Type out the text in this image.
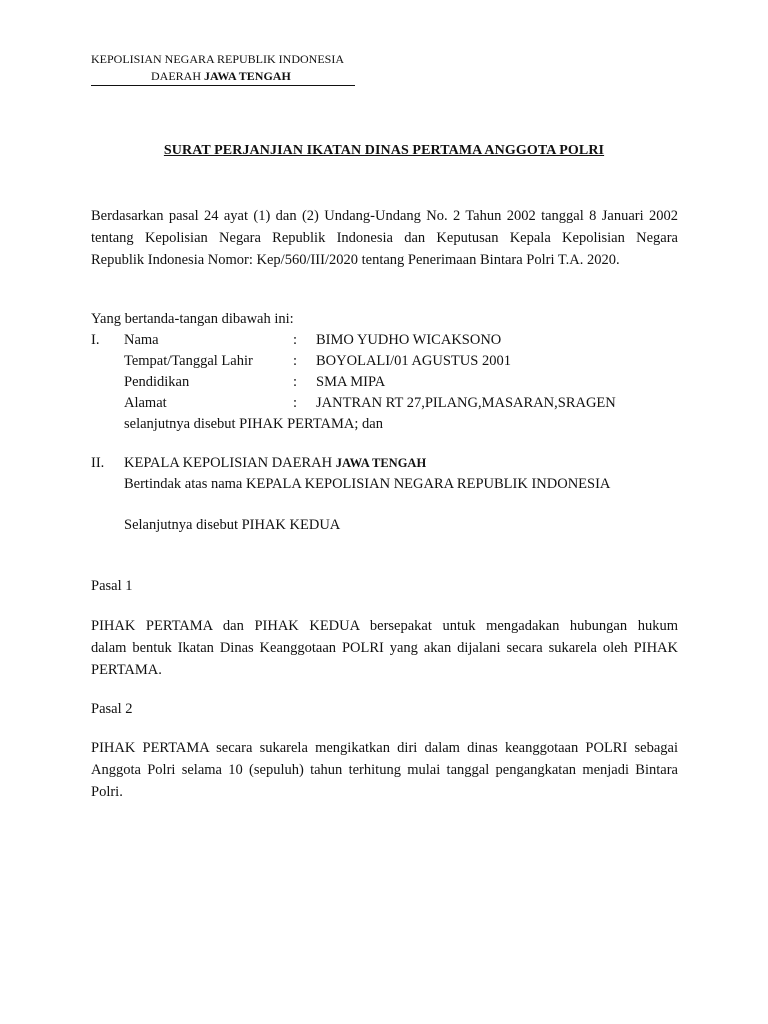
KEPOLISIAN NEGARA REPUBLIK INDONESIA
DAERAH JAWA TENGAH
SURAT PERJANJIAN IKATAN DINAS PERTAMA ANGGOTA POLRI
Berdasarkan pasal 24 ayat (1) dan (2) Undang-Undang No. 2 Tahun 2002 tanggal 8 Januari 2002
tentang Kepolisian Negara Republik Indonesia dan Keputusan Kepala Kepolisian Negara
Republik Indonesia Nomor: Kep/560/III/2020 tentang Penerimaan Bintara Polri T.A. 2020.
Yang bertanda-tangan dibawah ini:
I. Nama	: BIMO YUDHO WICAKSONO
Tempat/Tanggal Lahir	: BOYOLALI/01 AGUSTUS 2001
Pendidikan	: SMA MIPA
Alamat	: JANTRAN RT 27,PILANG,MASARAN,SRAGEN
selanjutnya disebut PIHAK PERTAMA; dan
II. KEPALA KEPOLISIAN DAERAH JAWA TENGAH
Bertindak atas nama KEPALA KEPOLISIAN NEGARA REPUBLIK INDONESIA
Selanjutnya disebut PIHAK KEDUA
Pasal 1
PIHAK PERTAMA dan PIHAK KEDUA bersepakat untuk mengadakan hubungan hukum
dalam bentuk Ikatan Dinas Keanggotaan POLRI yang akan dijalani secara sukarela oleh PIHAK
PERTAMA.
Pasal 2
PIHAK PERTAMA secara sukarela mengikatkan diri dalam dinas keanggotaan POLRI sebagai
Anggota Polri selama 10 (sepuluh) tahun terhitung mulai tanggal pengangkatan menjadi Bintara
Polri.
